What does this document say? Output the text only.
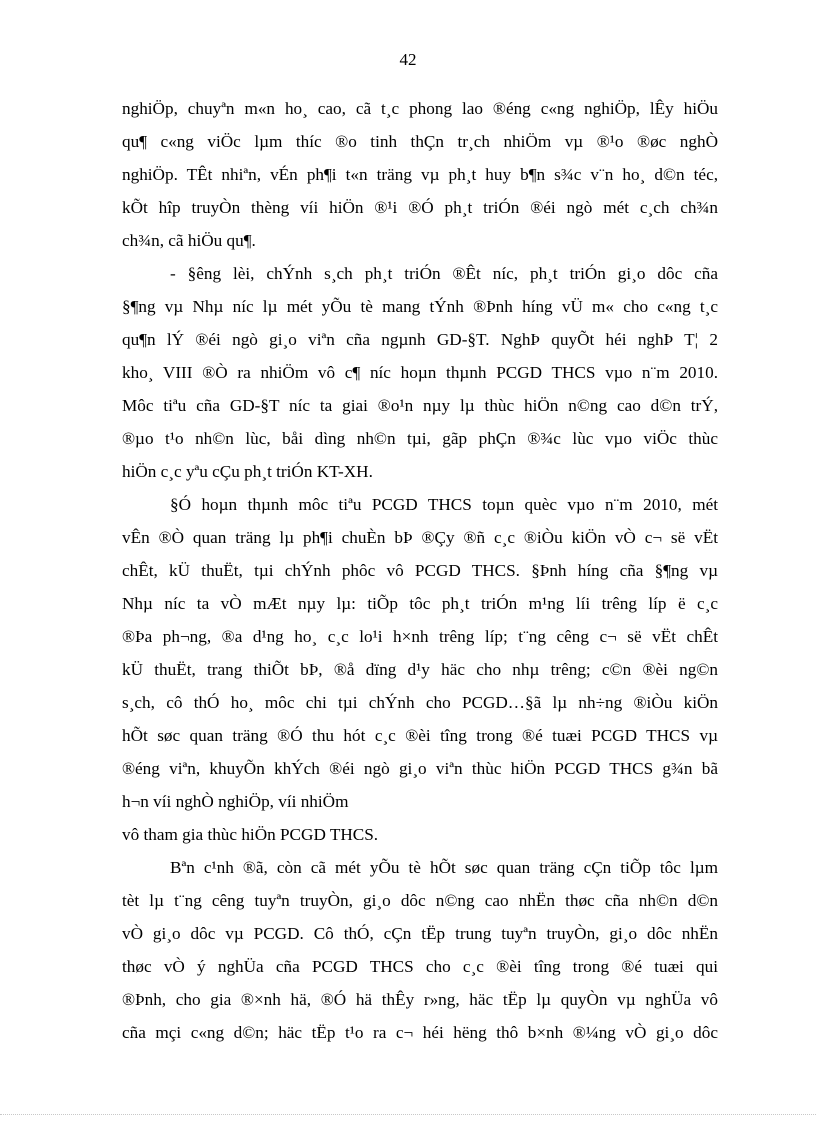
42
nghiÖp, chuyªn m«n ho¸ cao, cã t¸c phong lao ®éng c«ng nghiÖp, lÊy hiÖu
qu¶ c«ng viÖc lµm thíc ®o tinh thÇn tr¸ch nhiÖm vµ ®¹o ®øc nghÒ
nghiÖp. TÊt nhiªn, vÉn ph¶i t«n träng vµ ph¸t huy b¶n s¾c v¨n ho¸ d©n téc,
kÕt hîp truyÒn thèng víi hiÖn ®¹i ®Ó ph¸t triÓn ®éi ngò mét c¸ch ch¾n
ch¾n, cã hiÖu qu¶.
- §êng lèi, chÝnh s¸ch ph¸t triÓn ®Êt níc, ph¸t triÓn gi¸o dôc cña
§¶ng vµ Nhµ níc lµ mét yÕu tè mang tÝnh ®Þnh híng vÜ m« cho c«ng t¸c
qu¶n lÝ ®éi ngò gi¸o viªn cña ngµnh GD-§T. NghÞ quyÕt héi nghÞ T¦ 2
kho¸ VIII ®Ò ra nhiÖm vô c¶ níc hoµn thµnh PCGD THCS vµo n¨m 2010.
Môc tiªu cña GD-§T níc ta giai ®o¹n nµy lµ thùc hiÖn n©ng cao d©n trÝ,
®µo t¹o nh©n lùc, båi dìng nh©n tµi, gãp phÇn ®¾c lùc vµo viÖc thùc
hiÖn c¸c yªu cÇu ph¸t triÓn KT-XH.
§Ó hoµn thµnh môc tiªu PCGD THCS toµn quèc vµo n¨m 2010, mét
vÊn ®Ò quan träng lµ ph¶i chuÈn bÞ ®Çy ®ñ c¸c ®iÒu kiÖn vÒ c¬ së vËt
chÊt, kÜ thuËt, tµi chÝnh phôc vô PCGD THCS. §Þnh híng cña §¶ng vµ
Nhµ níc ta vÒ mÆt nµy lµ: tiÕp tôc ph¸t triÓn m¹ng líi trêng líp ë c¸c
®Þa ph¬ng, ®a d¹ng ho¸ c¸c lo¹i h×nh trêng líp; t¨ng cêng c¬ së vËt chÊt
kÜ thuËt, trang thiÕt bÞ, ®å dïng d¹y häc cho nhµ trêng; c©n ®èi ng©n
s¸ch, cô thÓ ho¸ môc chi tµi chÝnh cho PCGD…§ã lµ nh÷ng ®iÒu kiÖn
hÕt søc quan träng ®Ó thu hót c¸c ®èi tîng trong ®é tuæi PCGD THCS vµ
®éng viªn, khuyÕn khÝch ®éi ngò gi¸o viªn thùc hiÖn PCGD THCS g¾n bã
h¬n víi nghÒ nghiÖp, víi nhiÖm
vô tham gia thùc hiÖn PCGD THCS.
Bªn c¹nh ®ã, còn cã mét yÕu tè hÕt søc quan träng cÇn tiÕp tôc lµm
tèt lµ t¨ng cêng tuyªn truyÒn, gi¸o dôc n©ng cao nhËn thøc cña nh©n d©n
vÒ gi¸o dôc vµ PCGD. Cô thÓ, cÇn tËp trung tuyªn truyÒn, gi¸o dôc nhËn
thøc vÒ ý nghÜa cña PCGD THCS cho c¸c ®èi tîng trong ®é tuæi qui
®Þnh, cho gia ®×nh hä, ®Ó hä thÊy r»ng, häc tËp lµ quyÒn vµ nghÜa vô
cña mçi c«ng d©n; häc tËp t¹o ra c¬ héi hëng thô b×nh ®¼ng vÒ gi¸o dôc
